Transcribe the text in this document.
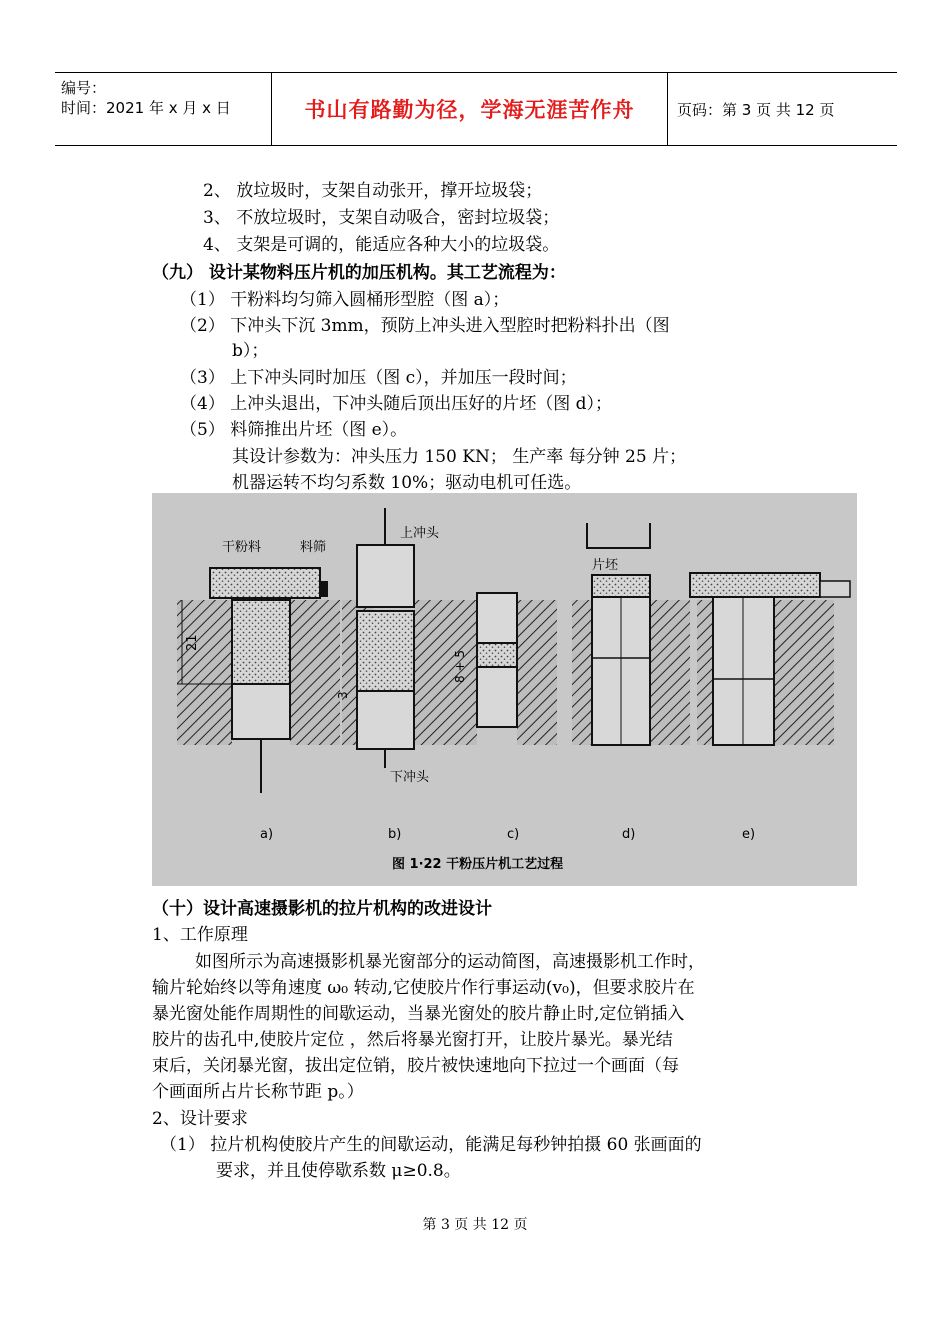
编号：
时间：2021 年 x 月 x 日	书山有路勤为径，学海无涯苦作舟	页码：第 3 页 共 12 页
2、 放垃圾时，支架自动张开，撑开垃圾袋；
3、 不放垃圾时，支架自动吸合，密封垃圾袋；
4、 支架是可调的，能适应各种大小的垃圾袋。
（九） 设计某物料压片机的加压机构。其工艺流程为：
（1） 干粉料均匀筛入圆桶形型腔（图 a）；
（2） 下冲头下沉 3mm，预防上冲头进入型腔时把粉料扑出（图
b）；
（3） 上下冲头同时加压（图 c），并加压一段时间；
（4） 上冲头退出，下冲头随后顶出压好的片坯（图 d）；
（5） 料筛推出片坯（图 e）。
其设计参数为：冲头压力 150 KN； 生产率 每分钟 25 片；
机器运转不均匀系数 10%；驱动电机可任选。
干粉料	料筛
21
a)
上冲头
3
下冲头
b)
8 + 5
c)
片坯
d)	e)
图 1·22 干粉压片机工艺过程
（十）设计高速摄影机的拉片机构的改进设计
1、工作原理
如图所示为高速摄影机暴光窗部分的运动简图，高速摄影机工作时，
输片轮始终以等角速度 ω₀ 转动,它使胶片作行事运动(v₀)，但要求胶片在
暴光窗处能作周期性的间歇运动，当暴光窗处的胶片静止时,定位销插入
胶片的齿孔中,使胶片定位 ，然后将暴光窗打开，让胶片暴光。暴光结
束后，关闭暴光窗，拔出定位销，胶片被快速地向下拉过一个画面（每
个画面所占片长称节距 p。）
2、设计要求
（1） 拉片机构使胶片产生的间歇运动，能满足每秒钟拍摄 60 张画面的
要求，并且使停歇系数 μ≥0.8。
第 3 页 共 12 页
